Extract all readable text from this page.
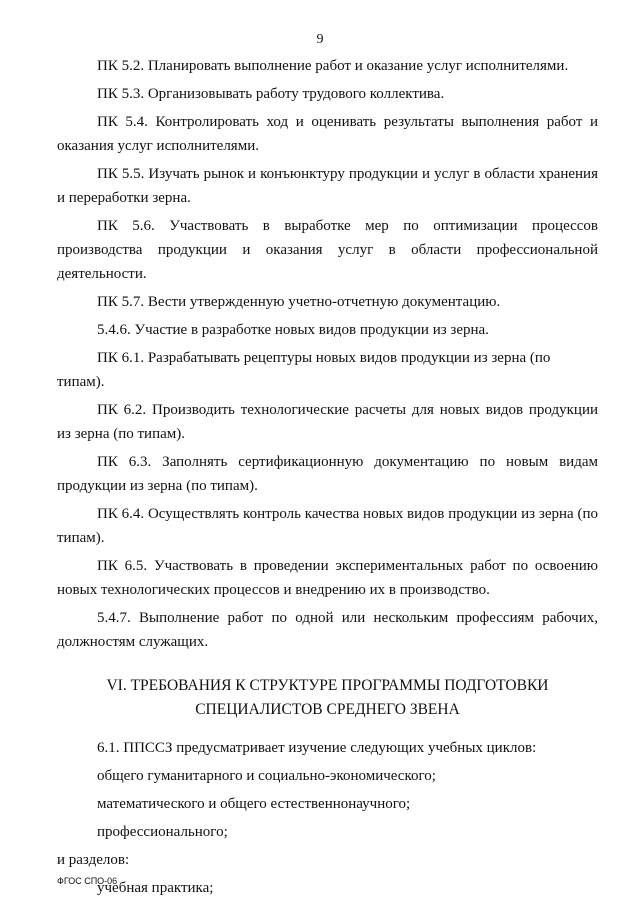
9

ПК 5.2. Планировать выполнение работ и оказание услуг исполнителями.

ПК 5.3. Организовывать работу трудового коллектива.

ПК 5.4. Контролировать ход и оценивать результаты выполнения работ и оказания услуг исполнителями.

ПК 5.5. Изучать рынок и конъюнктуру продукции и услуг в области хранения и переработки зерна.

ПК 5.6. Участвовать в выработке мер по оптимизации процессов производства продукции и оказания услуг в области профессиональной деятельности.

ПК 5.7. Вести утвержденную учетно-отчетную документацию.

5.4.6. Участие в разработке новых видов продукции из зерна.

ПК 6.1. Разрабатывать рецептуры новых видов продукции из зерна (по типам).

ПК 6.2. Производить технологические расчеты для новых видов продукции из зерна (по типам).

ПК 6.3. Заполнять сертификационную документацию по новым видам продукции из зерна (по типам).

ПК 6.4. Осуществлять контроль качества новых видов продукции из зерна (по типам).

ПК 6.5. Участвовать в проведении экспериментальных работ по освоению новых технологических процессов и внедрению их в производство.

5.4.7. Выполнение работ по одной или нескольким профессиям рабочих, должностям служащих.

VI. ТРЕБОВАНИЯ К СТРУКТУРЕ ПРОГРАММЫ ПОДГОТОВКИ
СПЕЦИАЛИСТОВ СРЕДНЕГО ЗВЕНА

6.1. ППССЗ предусматривает изучение следующих учебных циклов:

общего гуманитарного и социально-экономического;

математического и общего естественнонаучного;

профессионального;

и разделов:

учебная практика;

ФГОС СПО-06
